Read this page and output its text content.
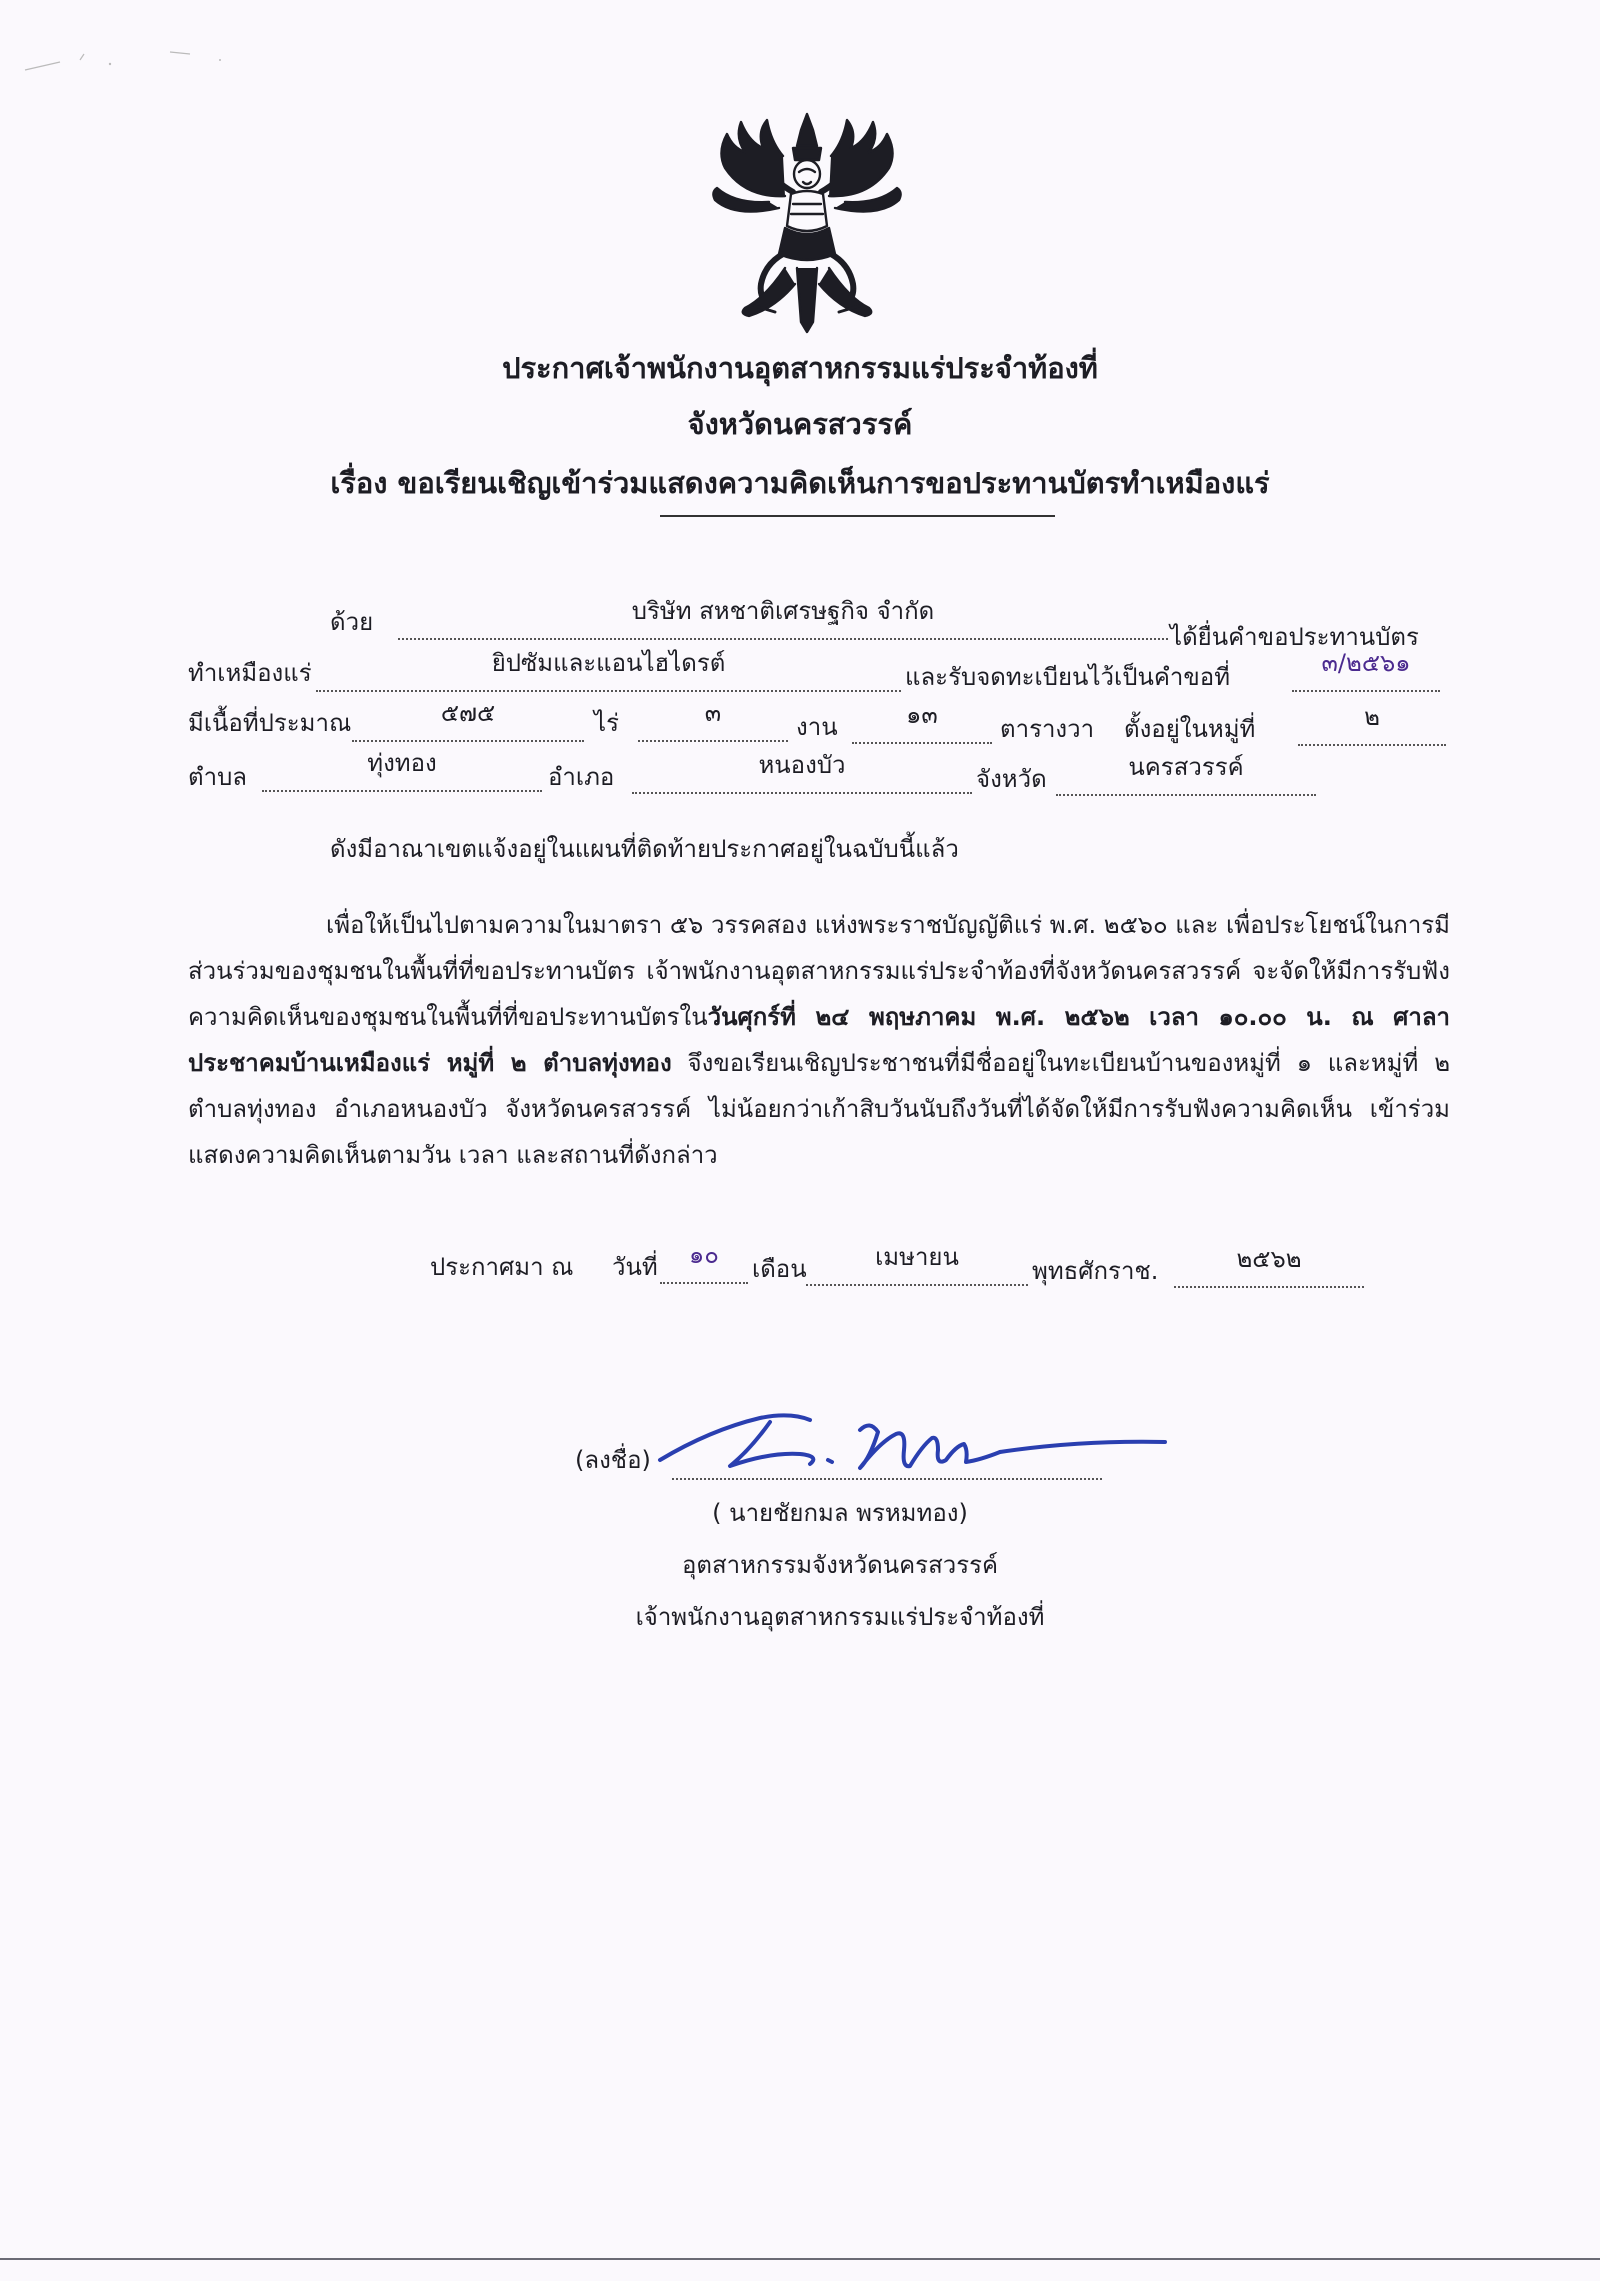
ประกาศเจ้าพนักงานอุตสาหกรรมแร่ประจำท้องที่
จังหวัดนครสวรรค์
เรื่อง ขอเรียนเชิญเข้าร่วมแสดงความคิดเห็นการขอประทานบัตรทำเหมืองแร่
ด้วย	บริษัท สหชาติเศรษฐกิจ จำกัด
ได้ยื่นคำขอประทานบัตร
ทำเหมืองแร่	ยิปซัมและแอนไฮไดรต์	และรับจดทะเบียนไว้เป็นคำขอที่	๓/๒๕๖๑
มีเนื้อที่ประมาณ	๕๗๕	ไร่	๓	งาน	๑๓	ตารางวา ตั้งอยู่ในหมู่ที่	๒
ตำบล	ทุ่งทอง	อำเภอ	หนองบัว	จังหวัด	นครสวรรค์
ดังมีอาณาเขตแจ้งอยู่ในแผนที่ติดท้ายประกาศอยู่ในฉบับนี้แล้ว
เพื่อให้เป็นไปตามความในมาตรา ๕๖ วรรคสอง แห่งพระราชบัญญัติแร่ พ.ศ. ๒๕๖๐ และ เพื่อประโยชน์ในการมีส่วนร่วมของชุมชนในพื้นที่ที่ขอประทานบัตร เจ้าพนักงานอุตสาหกรรมแร่ประจำท้องที่จังหวัดนครสวรรค์ จะจัดให้มีการรับฟังความคิดเห็นของชุมชนในพื้นที่ที่ขอประทานบัตรในวันศุกร์ที่ ๒๔ พฤษภาคม พ.ศ. ๒๕๖๒ เวลา ๑๐.๐๐ น. ณ ศาลาประชาคมบ้านเหมืองแร่ หมู่ที่ ๒ ตำบลทุ่งทอง จึงขอเรียนเชิญประชาชนที่มีชื่ออยู่ในทะเบียนบ้านของหมู่ที่ ๑ และหมู่ที่ ๒ ตำบลทุ่งทอง อำเภอหนองบัว จังหวัดนครสวรรค์ ไม่น้อยกว่าเก้าสิบวันนับถึงวันที่ได้จัดให้มีการรับฟังความคิดเห็น เข้าร่วมแสดงความคิดเห็นตามวัน เวลา และสถานที่ดังกล่าว
ประกาศมา ณ วันที่	๑๐	เดือน	เมษายน	พุทธศักราช.	๒๕๖๒
(ลงชื่อ)
( นายชัยกมล พรหมทอง)
อุตสาหกรรมจังหวัดนครสวรรค์
เจ้าพนักงานอุตสาหกรรมแร่ประจำท้องที่
